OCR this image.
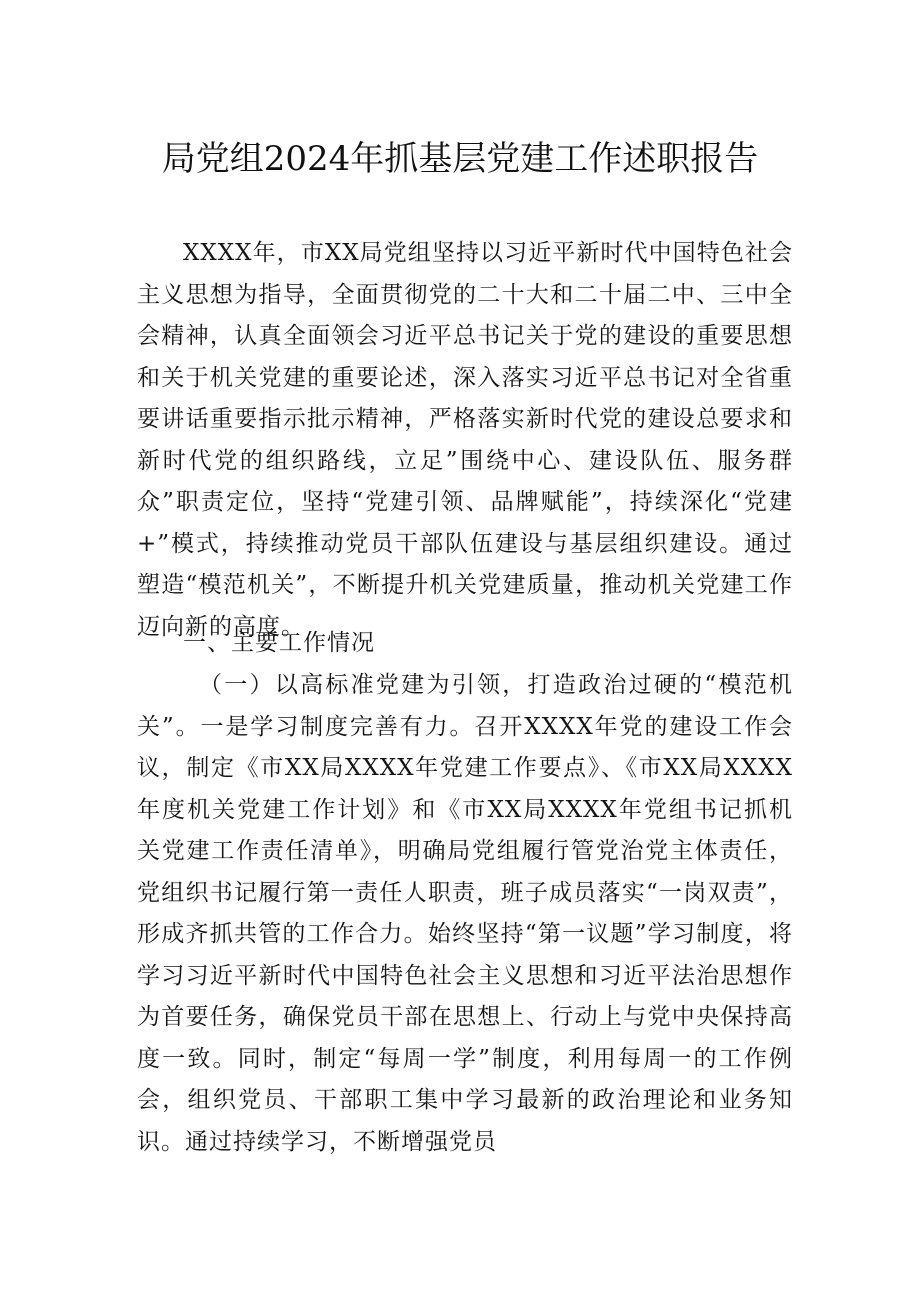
局党组2024年抓基层党建工作述职报告

XXXX年，市XX局党组坚持以习近平新时代中国特色社会主义思想为指导，全面贯彻党的二十大和二十届二中、三中全会精神，认真全面领会习近平总书记关于党的建设的重要思想和关于机关党建的重要论述，深入落实习近平总书记对全省重要讲话重要指示批示精神，严格落实新时代党的建设总要求和新时代党的组织路线，立足”围绕中心、建设队伍、服务群众”职责定位，坚持“党建引领、品牌赋能”，持续深化“党建+”模式，持续推动党员干部队伍建设与基层组织建设。通过塑造“模范机关”，不断提升机关党建质量，推动机关党建工作迈向新的高度。

一、主要工作情况

（一）以高标准党建为引领，打造政治过硬的“模范机关”。一是学习制度完善有力。召开XXXX年党的建设工作会议，制定《市XX局XXXX年党建工作要点》、《市XX局XXXX年度机关党建工作计划》和《市XX局XXXX年党组书记抓机关党建工作责任清单》，明确局党组履行管党治党主体责任，党组织书记履行第一责任人职责，班子成员落实“一岗双责”，形成齐抓共管的工作合力。始终坚持“第一议题”学习制度，将学习习近平新时代中国特色社会主义思想和习近平法治思想作为首要任务，确保党员干部在思想上、行动上与党中央保持高度一致。同时，制定“每周一学”制度，利用每周一的工作例会，组织党员、干部职工集中学习最新的政治理论和业务知识。通过持续学习，不断增强党员
